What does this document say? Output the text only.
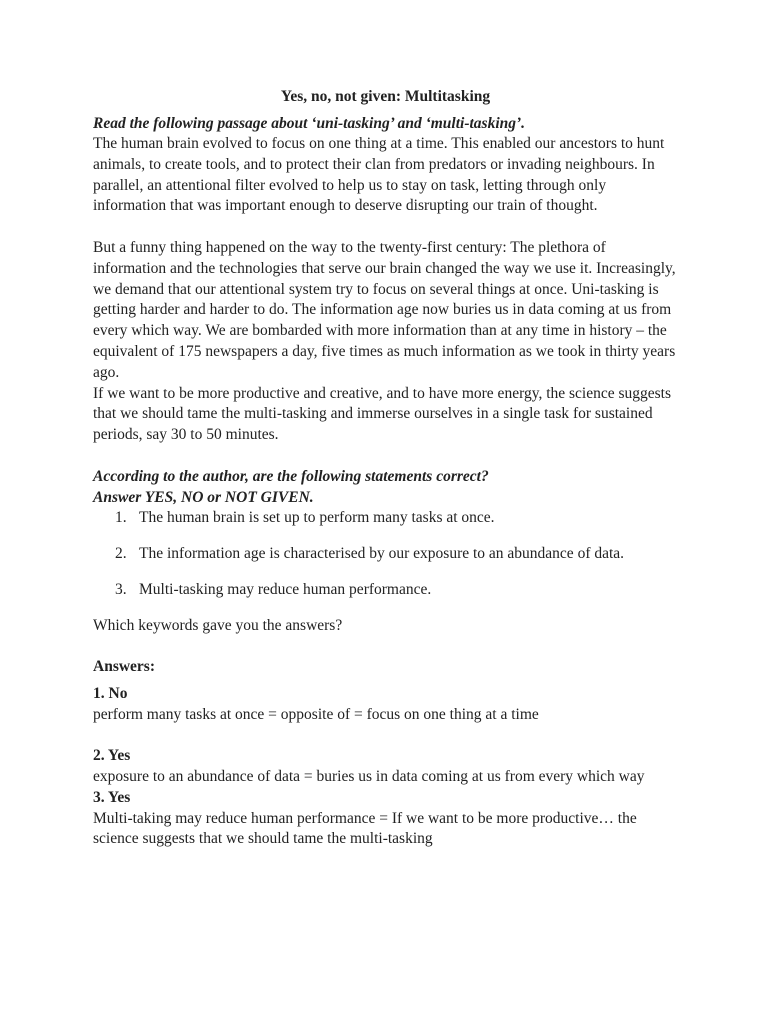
Yes, no, not given: Multitasking
Read the following passage about ‘uni-tasking’ and ‘multi-tasking’.

The human brain evolved to focus on one thing at a time. This enabled our ancestors to hunt animals, to create tools, and to protect their clan from predators or invading neighbours. In parallel, an attentional filter evolved to help us to stay on task, letting through only information that was important enough to deserve disrupting our train of thought.

But a funny thing happened on the way to the twenty-first century: The plethora of information and the technologies that serve our brain changed the way we use it. Increasingly, we demand that our attentional system try to focus on several things at once. Uni-tasking is getting harder and harder to do. The information age now buries us in data coming at us from every which way. We are bombarded with more information than at any time in history – the equivalent of 175 newspapers a day, five times as much information as we took in thirty years ago.

If we want to be more productive and creative, and to have more energy, the science suggests that we should tame the multi-tasking and immerse ourselves in a single task for sustained periods, say 30 to 50 minutes.

According to the author, are the following statements correct?
Answer YES, NO or NOT GIVEN.
1. The human brain is set up to perform many tasks at once.
2. The information age is characterised by our exposure to an abundance of data.
3. Multi-tasking may reduce human performance.

Which keywords gave you the answers?

Answers:
1. No

perform many tasks at once = opposite of = focus on one thing at a time

2. Yes

exposure to an abundance of data = buries us in data coming at us from every which way

3. Yes

Multi-taking may reduce human performance = If we want to be more productive… the science suggests that we should tame the multi-tasking
